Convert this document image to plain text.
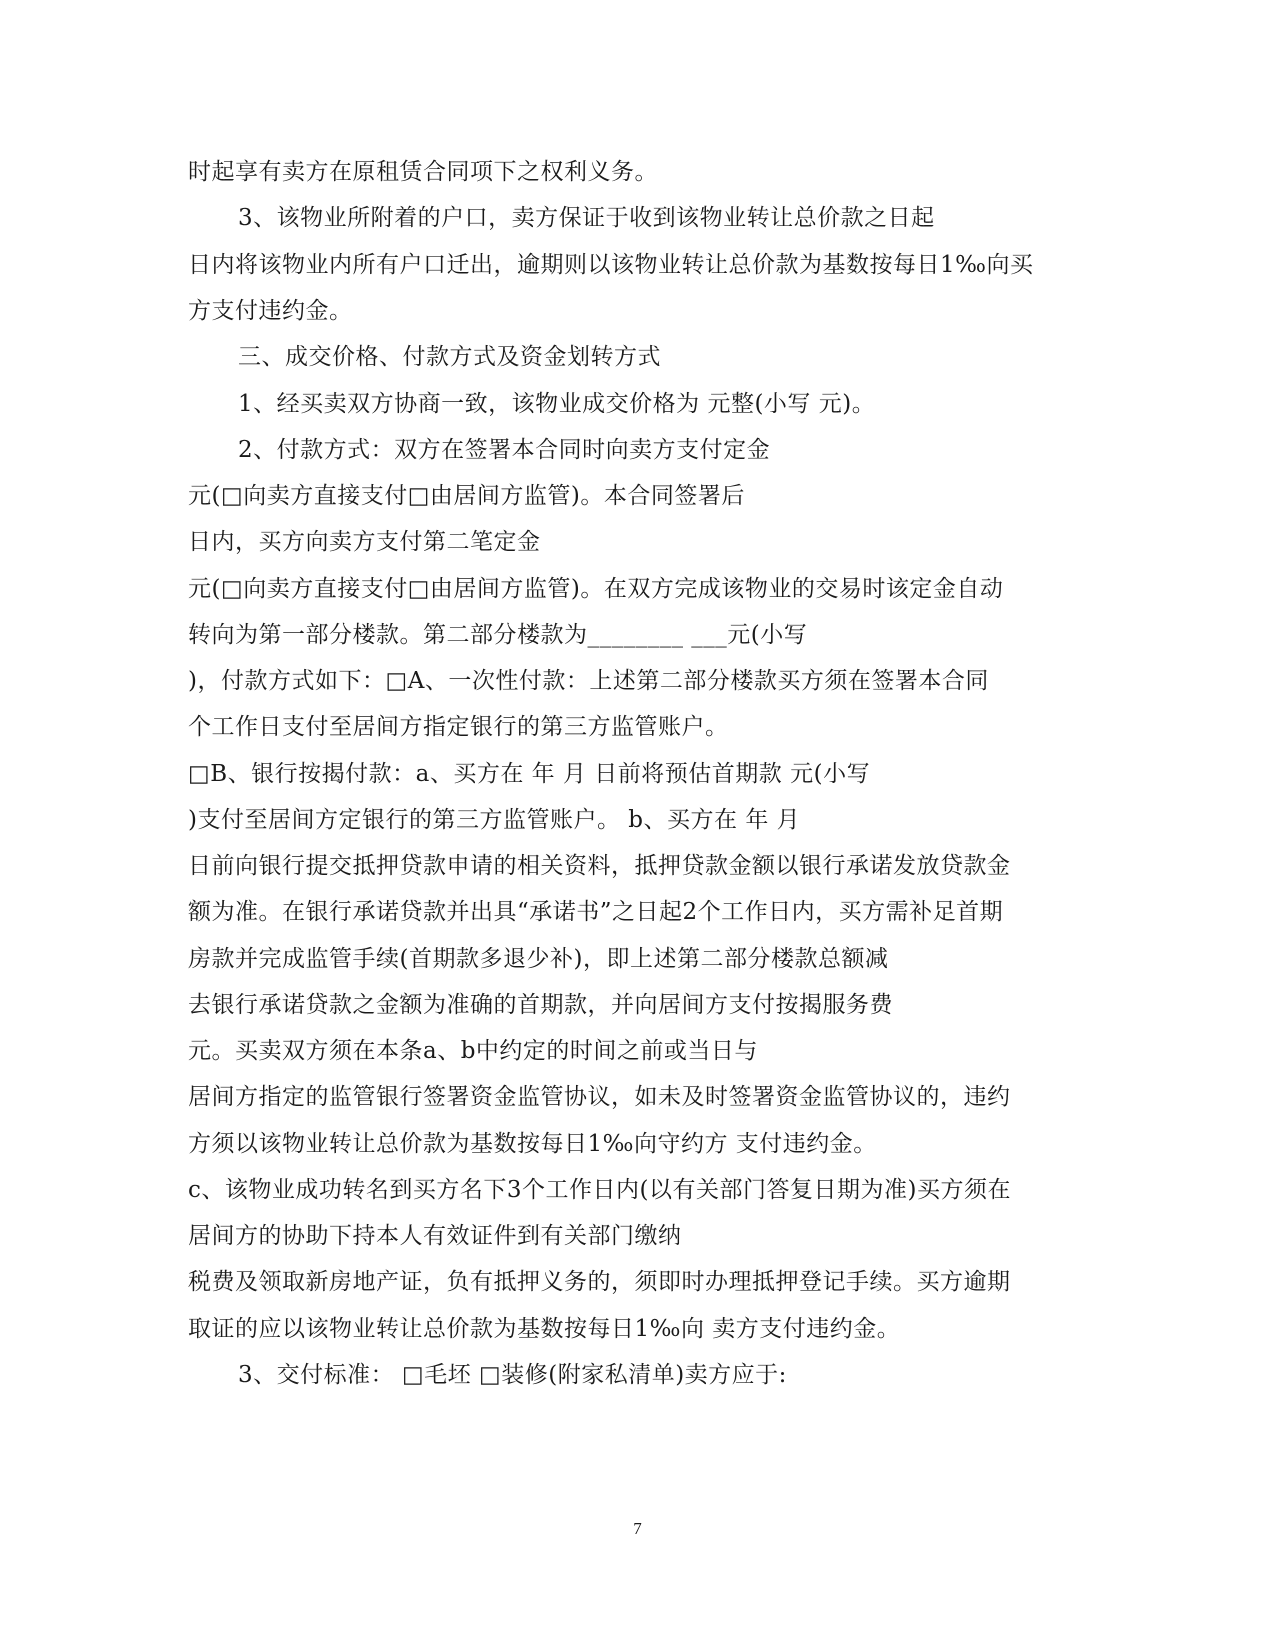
时起享有卖方在原租赁合同项下之权利义务。
3、该物业所附着的户口，卖方保证于收到该物业转让总价款之日起
日内将该物业内所有户口迁出，逾期则以该物业转让总价款为基数按每日1‰向买
方支付违约金。
三、成交价格、付款方式及资金划转方式
1、经买卖双方协商一致，该物业成交价格为 元整(小写 元)。
2、付款方式：双方在签署本合同时向卖方支付定金
元(□向卖方直接支付□由居间方监管)。本合同签署后
日内，买方向卖方支付第二笔定金
元(□向卖方直接支付□由居间方监管)。在双方完成该物业的交易时该定金自动
转向为第一部分楼款。第二部分楼款为________ ___元(小写
)，付款方式如下：□A、一次性付款：上述第二部分楼款买方须在签署本合同
个工作日支付至居间方指定银行的第三方监管账户。
□B、银行按揭付款：a、买方在 年 月 日前将预估首期款 元(小写
)支付至居间方定银行的第三方监管账户。 b、买方在 年 月
日前向银行提交抵押贷款申请的相关资料，抵押贷款金额以银行承诺发放贷款金
额为准。在银行承诺贷款并出具“承诺书”之日起2个工作日内，买方需补足首期
房款并完成监管手续(首期款多退少补)，即上述第二部分楼款总额减
去银行承诺贷款之金额为准确的首期款，并向居间方支付按揭服务费
元。买卖双方须在本条a、b中约定的时间之前或当日与
居间方指定的监管银行签署资金监管协议，如未及时签署资金监管协议的，违约
方须以该物业转让总价款为基数按每日1‰向守约方 支付违约金。
c、该物业成功转名到买方名下3个工作日内(以有关部门答复日期为准)买方须在
居间方的协助下持本人有效证件到有关部门缴纳
税费及领取新房地产证，负有抵押义务的，须即时办理抵押登记手续。买方逾期
取证的应以该物业转让总价款为基数按每日1‰向 卖方支付违约金。
3、交付标准： □毛坯 □装修(附家私清单)卖方应于:
7
